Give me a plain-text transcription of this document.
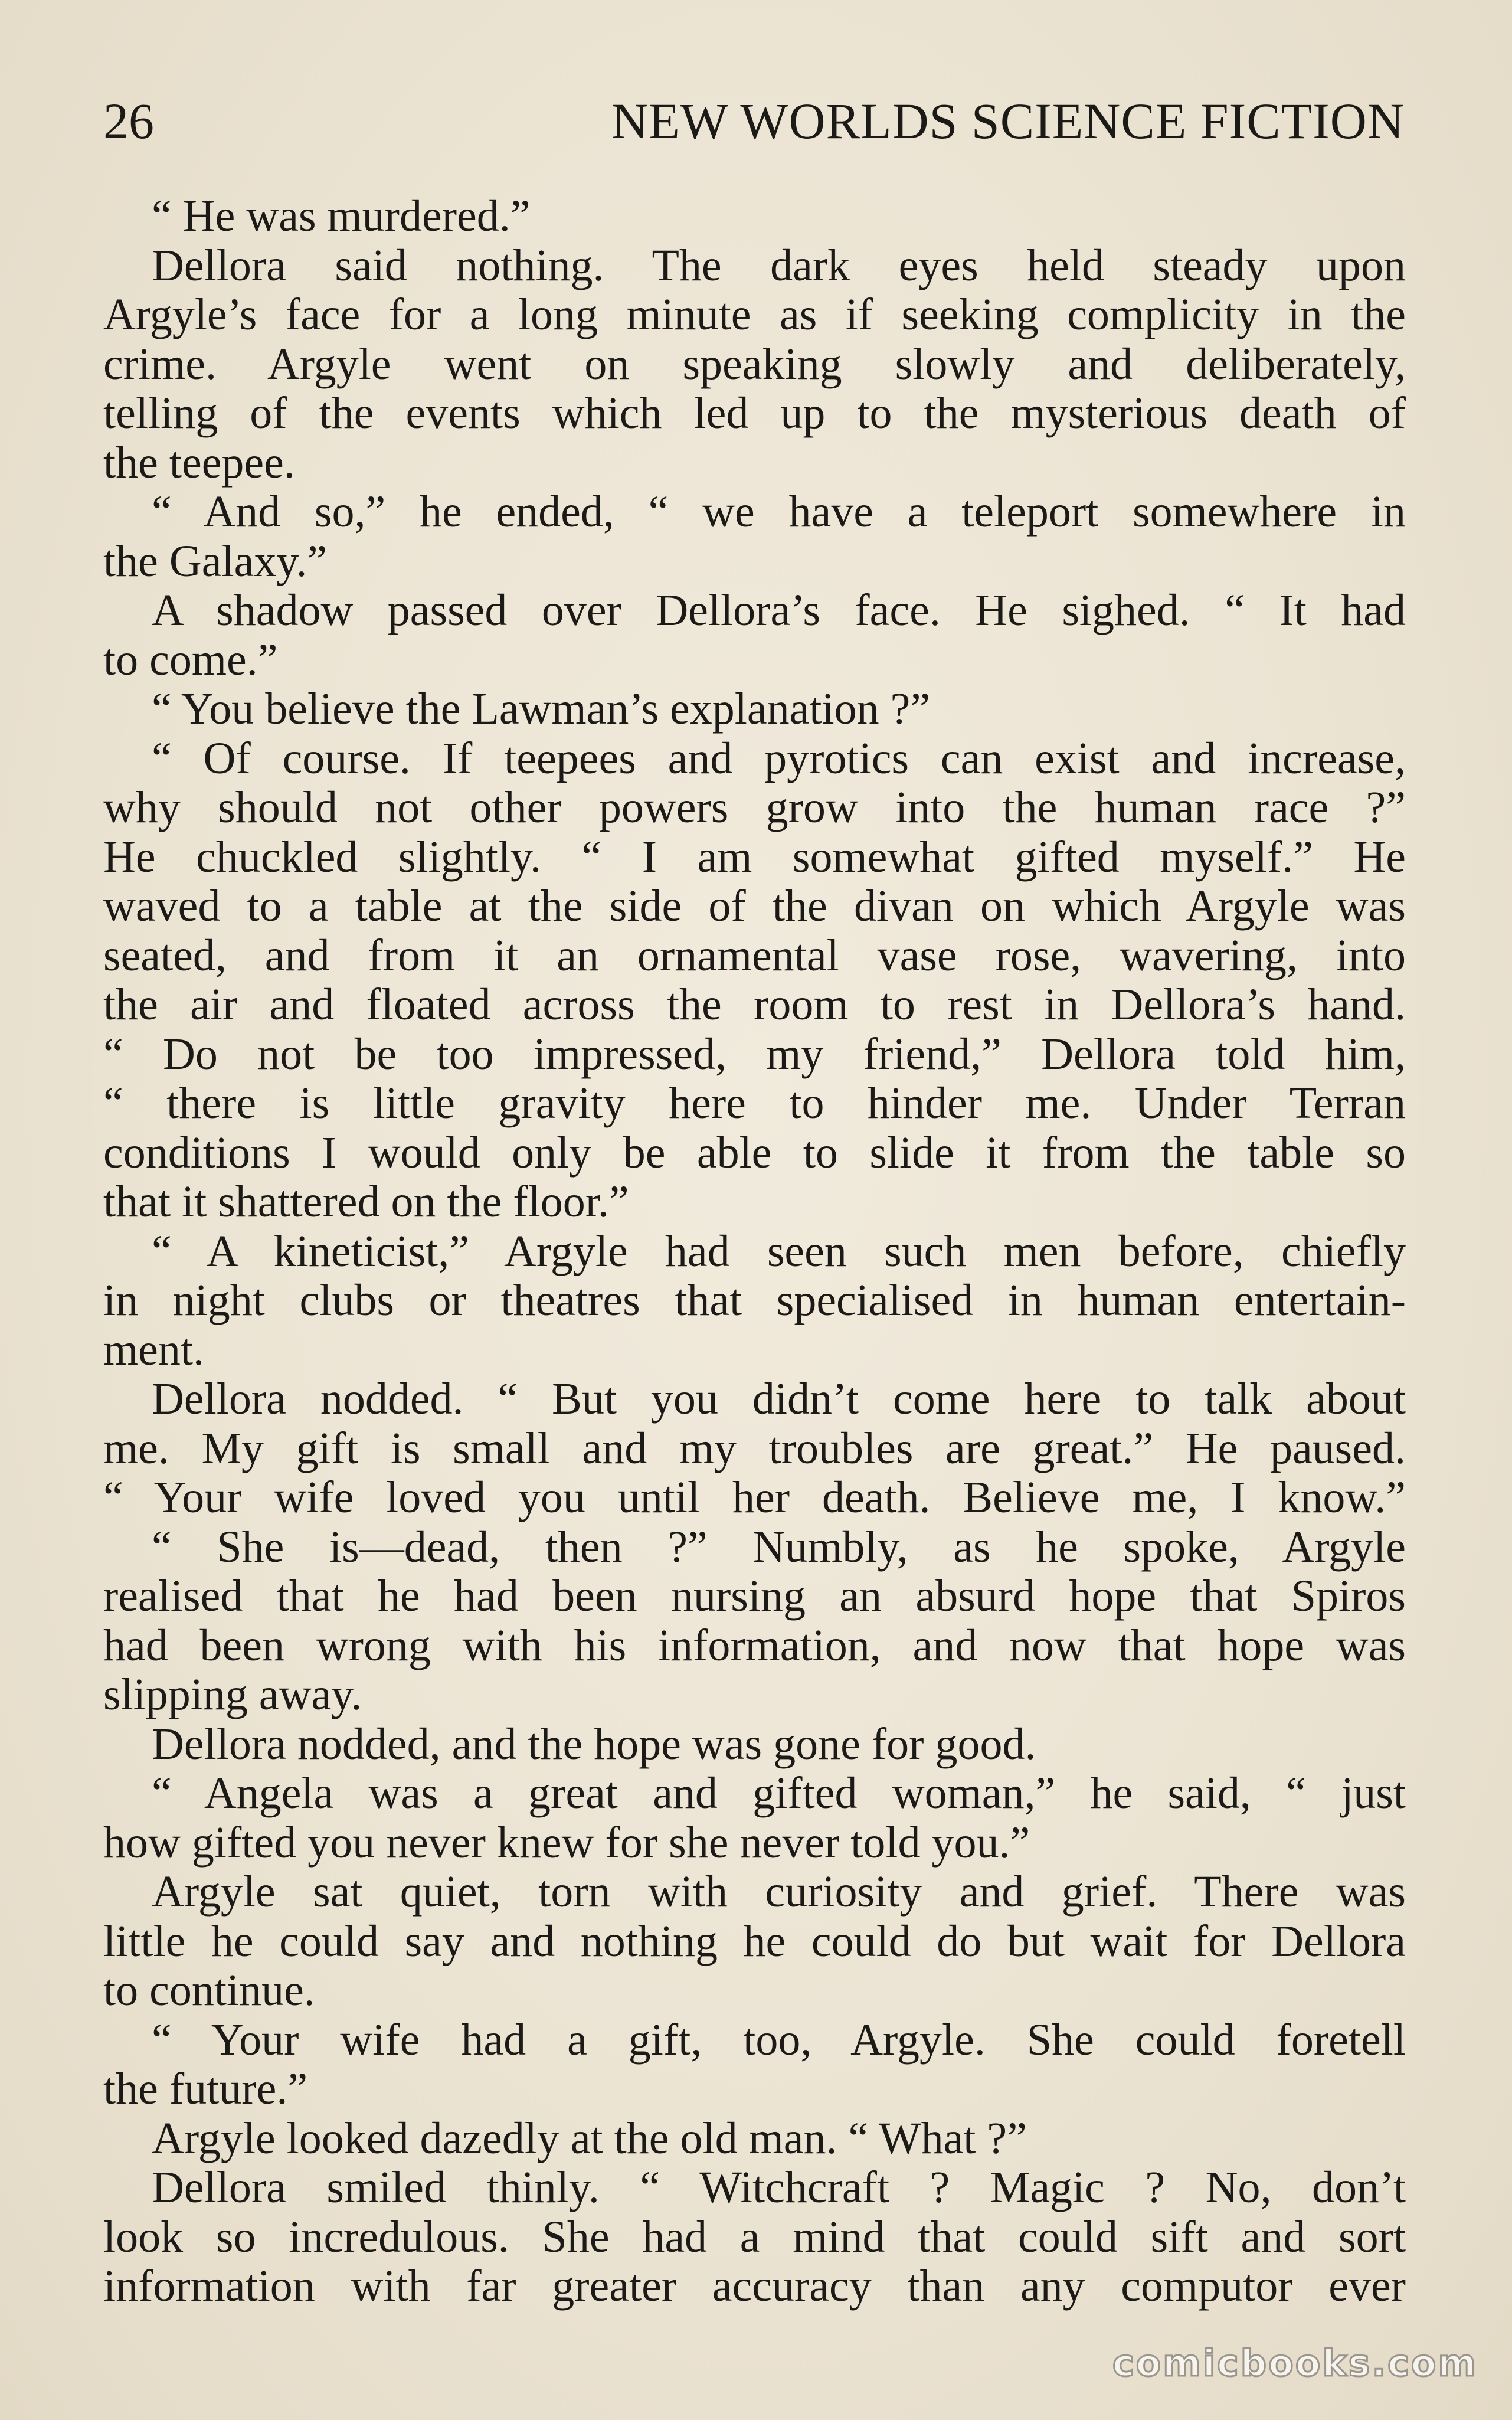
26	NEW WORLDS SCIENCE FICTION
“ He was murdered.”
Dellora said nothing. The dark eyes held steady upon
Argyle’s face for a long minute as if seeking complicity in the
crime. Argyle went on speaking slowly and deliberately,
telling of the events which led up to the mysterious death of
the teepee.
“ And so,” he ended, “ we have a teleport somewhere in
the Galaxy.”
A shadow passed over Dellora’s face. He sighed. “ It had
to come.”
“ You believe the Lawman’s explanation ?”
“ Of course. If teepees and pyrotics can exist and increase,
why should not other powers grow into the human race ?”
He chuckled slightly. “ I am somewhat gifted myself.” He
waved to a table at the side of the divan on which Argyle was
seated, and from it an ornamental vase rose, wavering, into
the air and floated across the room to rest in Dellora’s hand.
“ Do not be too impressed, my friend,” Dellora told him,
“ there is little gravity here to hinder me. Under Terran
conditions I would only be able to slide it from the table so
that it shattered on the floor.”
“ A kineticist,” Argyle had seen such men before, chiefly
in night clubs or theatres that specialised in human entertain-
ment.
Dellora nodded. “ But you didn’t come here to talk about
me. My gift is small and my troubles are great.” He paused.
“ Your wife loved you until her death. Believe me, I know.”
“ She is—dead, then ?” Numbly, as he spoke, Argyle
realised that he had been nursing an absurd hope that Spiros
had been wrong with his information, and now that hope was
slipping away.
Dellora nodded, and the hope was gone for good.
“ Angela was a great and gifted woman,” he said, “ just
how gifted you never knew for she never told you.”
Argyle sat quiet, torn with curiosity and grief. There was
little he could say and nothing he could do but wait for Dellora
to continue.
“ Your wife had a gift, too, Argyle. She could foretell
the future.”
Argyle looked dazedly at the old man. “ What ?”
Dellora smiled thinly. “ Witchcraft ? Magic ? No, don’t
look so incredulous. She had a mind that could sift and sort
information with far greater accuracy than any computor ever
comicbooks.com
